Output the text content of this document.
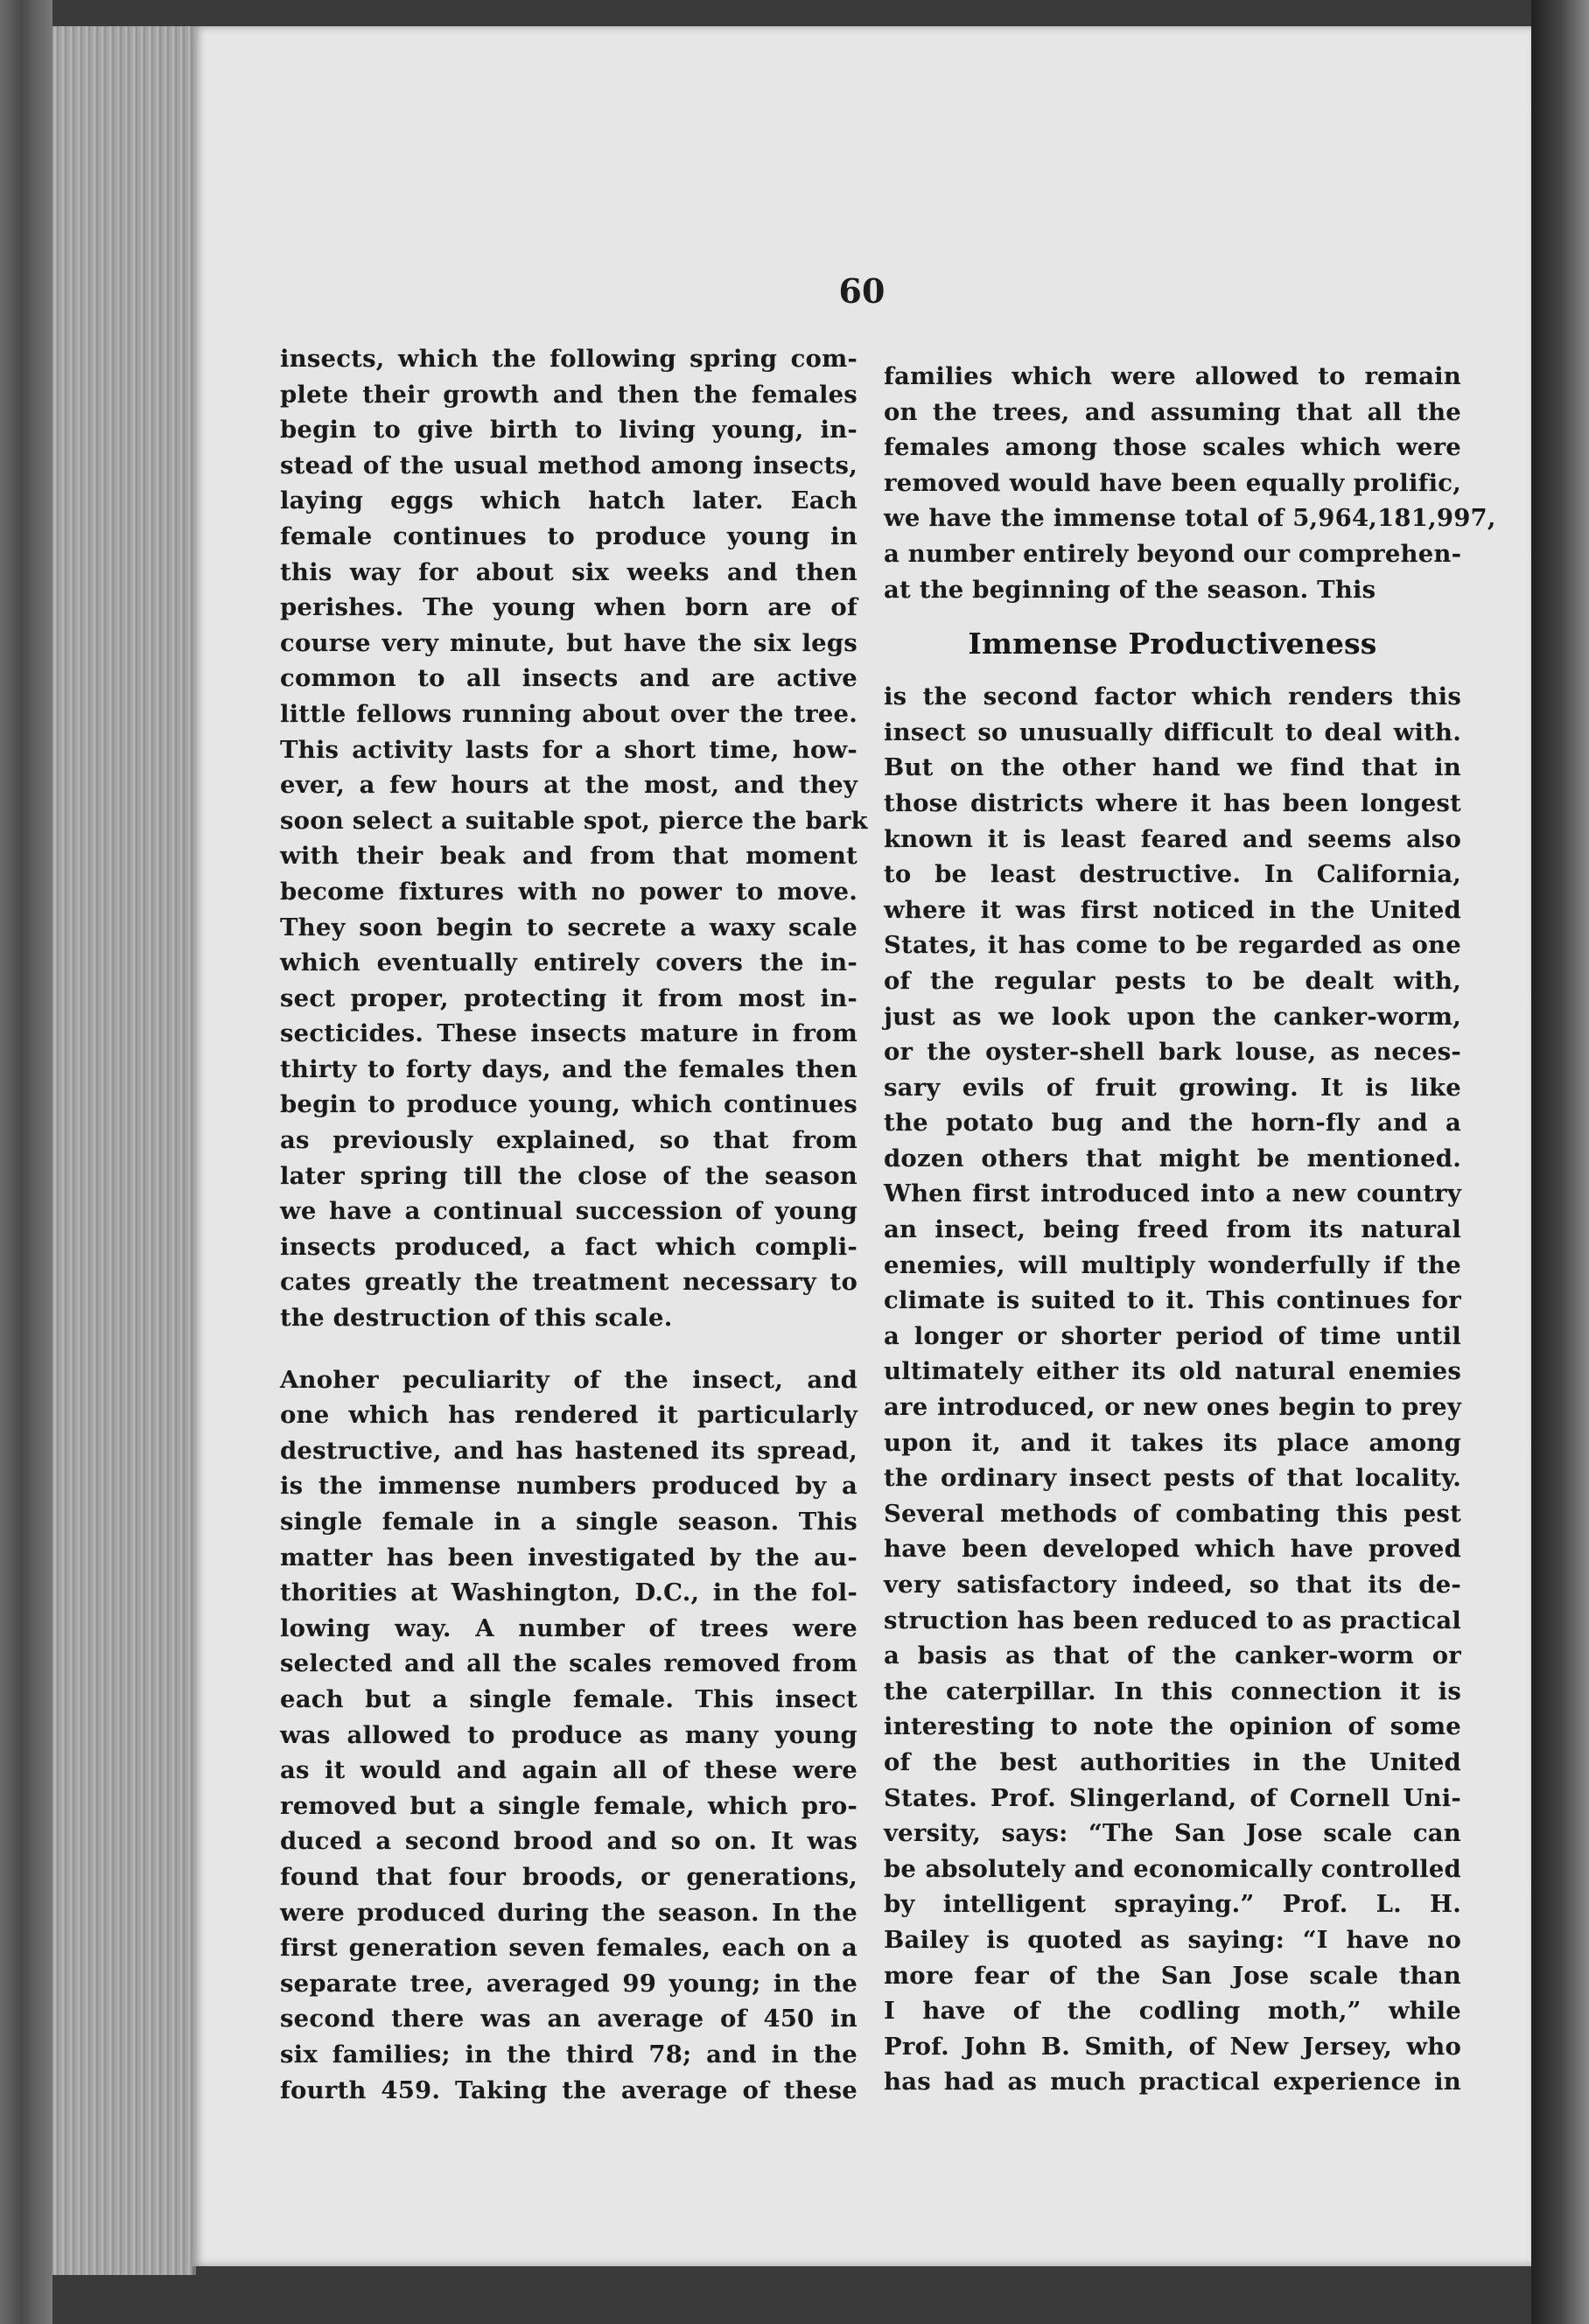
60
insects, which the following spring com-
plete their growth and then the females
begin to give birth to living young, in-
stead of the usual method among insects,
laying eggs which hatch later. Each
female continues to produce young in
this way for about six weeks and then
perishes. The young when born are of
course very minute, but have the six legs
common to all insects and are active
little fellows running about over the tree.
This activity lasts for a short time, how-
ever, a few hours at the most, and they
soon select a suitable spot, pierce the bark
with their beak and from that moment
become fixtures with no power to move.
They soon begin to secrete a waxy scale
which eventually entirely covers the in-
sect proper, protecting it from most in-
secticides. These insects mature in from
thirty to forty days, and the females then
begin to produce young, which continues
as previously explained, so that from
later spring till the close of the season
we have a continual succession of young
insects produced, a fact which compli-
cates greatly the treatment necessary to
the destruction of this scale.
Anoher peculiarity of the insect, and
one which has rendered it particularly
destructive, and has hastened its spread,
is the immense numbers produced by a
single female in a single season. This
matter has been investigated by the au-
thorities at Washington, D.C., in the fol-
lowing way. A number of trees were
selected and all the scales removed from
each but a single female. This insect
was allowed to produce as many young
as it would and again all of these were
removed but a single female, which pro-
duced a second brood and so on. It was
found that four broods, or generations,
were produced during the season. In the
first generation seven females, each on a
separate tree, averaged 99 young; in the
second there was an average of 450 in
six families; in the third 78; and in the
fourth 459. Taking the average of these
families which were allowed to remain
on the trees, and assuming that all the
females among those scales which were
removed would have been equally prolific,
we have the immense total of 5,964,181,997,
a number entirely beyond our comprehen-
at the beginning of the season. This
Immense Productiveness
is the second factor which renders this
insect so unusually difficult to deal with.
But on the other hand we find that in
those districts where it has been longest
known it is least feared and seems also
to be least destructive. In California,
where it was first noticed in the United
States, it has come to be regarded as one
of the regular pests to be dealt with,
just as we look upon the canker-worm,
or the oyster-shell bark louse, as neces-
sary evils of fruit growing. It is like
the potato bug and the horn-fly and a
dozen others that might be mentioned.
When first introduced into a new country
an insect, being freed from its natural
enemies, will multiply wonderfully if the
climate is suited to it. This continues for
a longer or shorter period of time until
ultimately either its old natural enemies
are introduced, or new ones begin to prey
upon it, and it takes its place among
the ordinary insect pests of that locality.
Several methods of combating this pest
have been developed which have proved
very satisfactory indeed, so that its de-
struction has been reduced to as practical
a basis as that of the canker-worm or
the caterpillar. In this connection it is
interesting to note the opinion of some
of the best authorities in the United
States. Prof. Slingerland, of Cornell Uni-
versity, says: “The San Jose scale can
be absolutely and economically controlled
by intelligent spraying.” Prof. L. H.
Bailey is quoted as saying: “I have no
more fear of the San Jose scale than
I have of the codling moth,” while
Prof. John B. Smith, of New Jersey, who
has had as much practical experience in
